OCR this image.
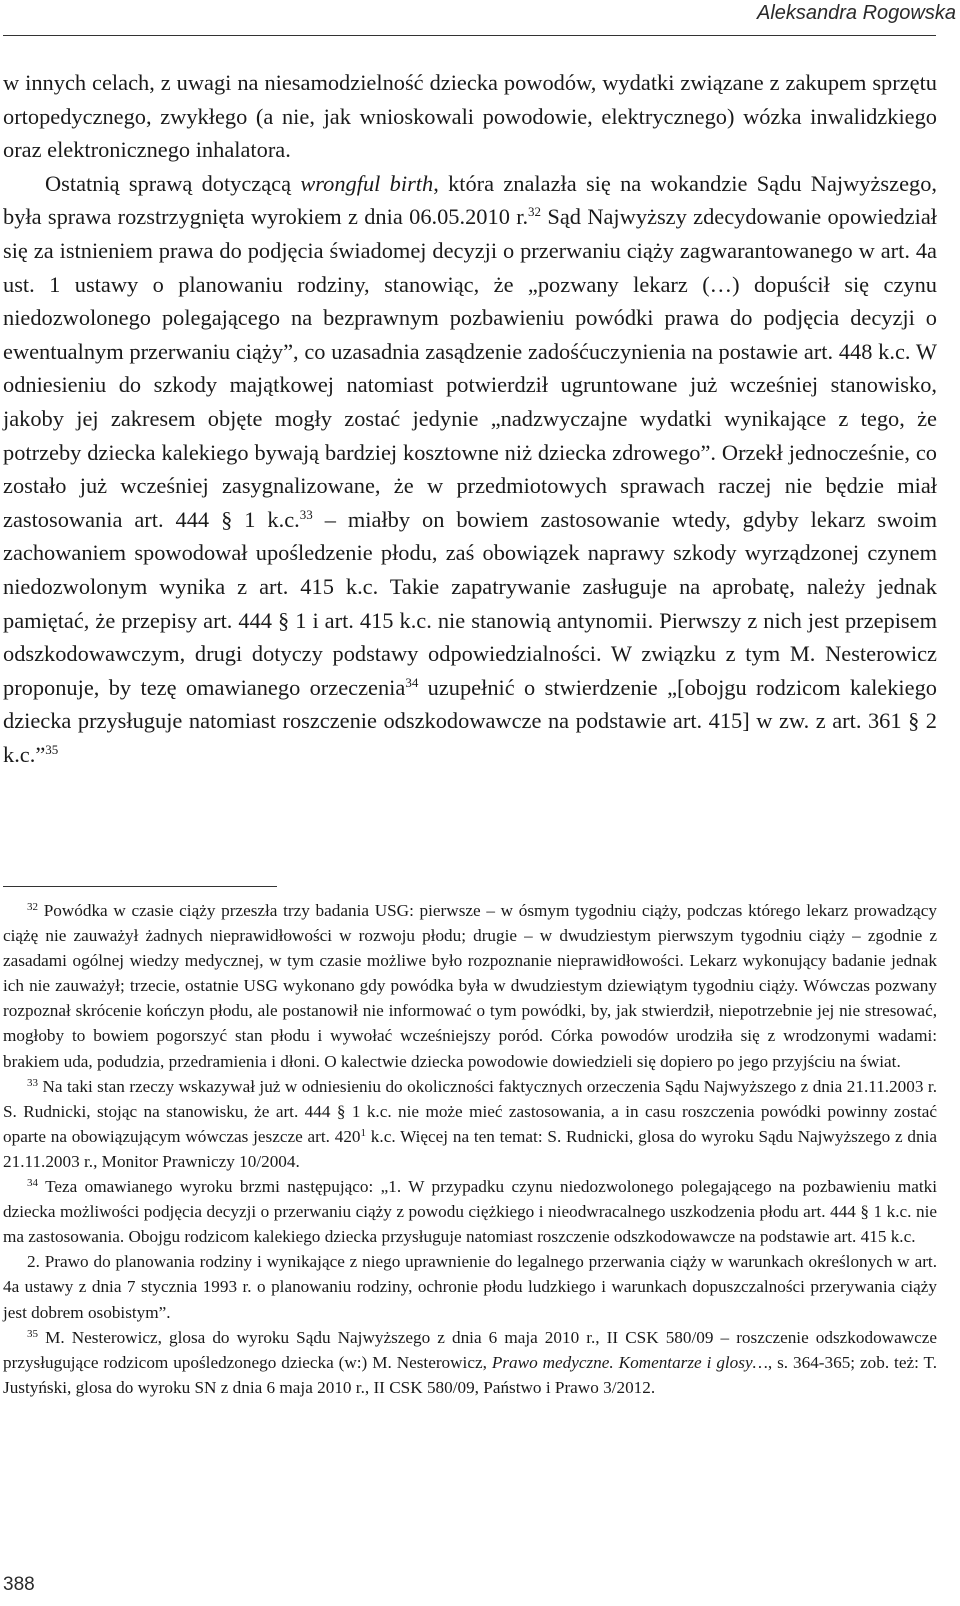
Aleksandra Rogowska

w innych celach, z uwagi na niesamodzielność dziecka powodów, wydatki związane z zakupem sprzętu ortopedycznego, zwykłego (a nie, jak wnioskowali powodowie, elektrycznego) wózka inwalidzkiego oraz elektronicznego inhalatora.

Ostatnią sprawą dotyczącą wrongful birth, która znalazła się na wokandzie Sądu Najwyższego, była sprawa rozstrzygnięta wyrokiem z dnia 06.05.2010 r.$^{32}$ Sąd Najwyższy zdecydowanie opowiedział się za istnieniem prawa do podjęcia świadomej decyzji o przerwaniu ciąży zagwarantowanego w art. 4a ust. 1 ustawy o planowaniu rodziny, stanowiąc, że „pozwany lekarz (…) dopuścił się czynu niedozwolonego polegającego na bezprawnym pozbawieniu powódki prawa do podjęcia decyzji o ewentualnym przerwaniu ciąży”, co uzasadnia zasądzenie zadośćuczynienia na postawie art. 448 k.c. W odniesieniu do szkody majątkowej natomiast potwierdził ugruntowane już wcześniej stanowisko, jakoby jej zakresem objęte mogły zostać jedynie „nadzwyczajne wydatki wynikające z tego, że potrzeby dziecka kalekiego bywają bardziej kosztowne niż dziecka zdrowego”. Orzekł jednocześnie, co zostało już wcześniej zasygnalizowane, że w przedmiotowych sprawach raczej nie będzie miał zastosowania art. 444 § 1 k.c.$^{33}$ – miałby on bowiem zastosowanie wtedy, gdyby lekarz swoim zachowaniem spowodował upośledzenie płodu, zaś obowiązek naprawy szkody wyrządzonej czynem niedozwolonym wynika z art. 415 k.c. Takie zapatrywanie zasługuje na aprobatę, należy jednak pamiętać, że przepisy art. 444 § 1 i art. 415 k.c. nie stanowią antynomii. Pierwszy z nich jest przepisem odszkodowawczym, drugi dotyczy podstawy odpowiedzialności. W związku z tym M. Nesterowicz proponuje, by tezę omawianego orzeczenia$^{34}$ uzupełnić o stwierdzenie „[obojgu rodzicom kalekiego dziecka przysługuje natomiast roszczenie odszkodowawcze na podstawie art. 415] w zw. z art. 361 § 2 k.c.”$^{35}$

$^{32}$ Powódka w czasie ciąży przeszła trzy badania USG: pierwsze – w ósmym tygodniu ciąży, podczas którego lekarz prowadzący ciążę nie zauważył żadnych nieprawidłowości w rozwoju płodu; drugie – w dwudziestym pierwszym tygodniu ciąży – zgodnie z zasadami ogólnej wiedzy medycznej, w tym czasie możliwe było rozpoznanie nieprawidłowości. Lekarz wykonujący badanie jednak ich nie zauważył; trzecie, ostatnie USG wykonano gdy powódka była w dwudziestym dziewiątym tygodniu ciąży. Wówczas pozwany rozpoznał skrócenie kończyn płodu, ale postanowił nie informować o tym powódki, by, jak stwierdził, niepotrzebnie jej nie stresować, mogłoby to bowiem pogorszyć stan płodu i wywołać wcześniejszy poród. Córka powodów urodziła się z wrodzonymi wadami: brakiem uda, podudzia, przedramienia i dłoni. O kalectwie dziecka powodowie dowiedzieli się dopiero po jego przyjściu na świat.

$^{33}$ Na taki stan rzeczy wskazywał już w odniesieniu do okoliczności faktycznych orzeczenia Sądu Najwyższego z dnia 21.11.2003 r. S. Rudnicki, stojąc na stanowisku, że art. 444 § 1 k.c. nie może mieć zastosowania, a in casu roszczenia powódki powinny zostać oparte na obowiązującym wówczas jeszcze art. $420^1$ k.c. Więcej na ten temat: S. Rudnicki, glosa do wyroku Sądu Najwyższego z dnia 21.11.2003 r., Monitor Prawniczy 10/2004.

$^{34}$ Teza omawianego wyroku brzmi następująco: „1. W przypadku czynu niedozwolonego polegającego na pozbawieniu matki dziecka możliwości podjęcia decyzji o przerwaniu ciąży z powodu ciężkiego i nieodwracalnego uszkodzenia płodu art. 444 § 1 k.c. nie ma zastosowania. Obojgu rodzicom kalekiego dziecka przysługuje natomiast roszczenie odszkodowawcze na podstawie art. 415 k.c.

2. Prawo do planowania rodziny i wynikające z niego uprawnienie do legalnego przerwania ciąży w warunkach określonych w art. 4a ustawy z dnia 7 stycznia 1993 r. o planowaniu rodziny, ochronie płodu ludzkiego i warunkach dopuszczalności przerywania ciąży jest dobrem osobistym”.

$^{35}$ M. Nesterowicz, glosa do wyroku Sądu Najwyższego z dnia 6 maja 2010 r., II CSK 580/09 – roszczenie odszkodowawcze przysługujące rodzicom upośledzonego dziecka (w:) M. Nesterowicz, Prawo medyczne. Komentarze i glosy…, s. 364-365; zob. też: T. Justyński, glosa do wyroku SN z dnia 6 maja 2010 r., II CSK 580/09, Państwo i Prawo 3/2012.

388
